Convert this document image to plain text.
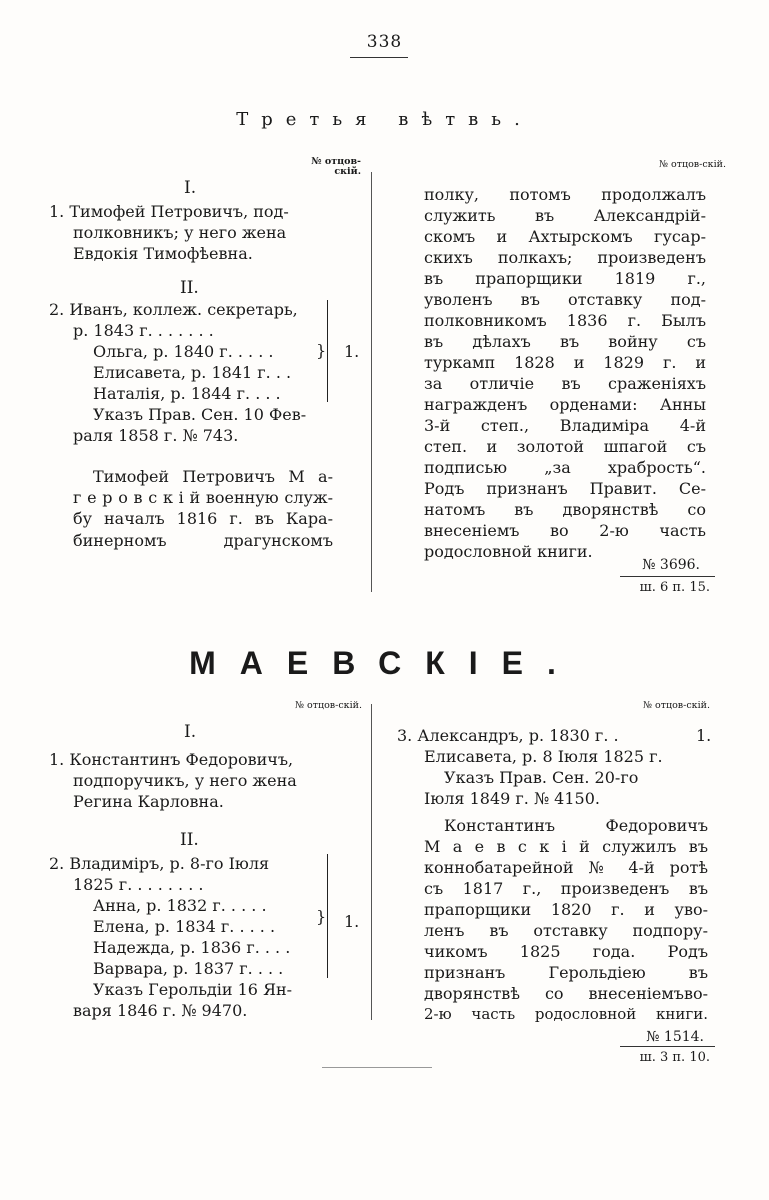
338
Третья вѣтвь.
№ отцов-скій.
№ отцов-скій.
I.
1. Тимофей Петровичъ, под-
полковникъ; у него жена
Евдокія Тимофѣевна.
II.
2. Иванъ, коллеж. секретарь,
р. 1843 г. . . . . . .
Ольга, р. 1840 г. . . . .
Елисавета, р. 1841 г. . .
Наталія, р. 1844 г. . . .
} 1.
Указъ Прав. Сен. 10 Фев-
раля 1858 г. № 743.
Тимофей Петровичъ М а-
г е р о в с к і й военную служ-
бу началъ 1816 г. въ Кара-
бинерномъ драгунскомъ
полку, потомъ продолжалъ
служить въ Александрій-
скомъ и Ахтырскомъ гусар-
скихъ полкахъ; произведенъ
въ прапорщики 1819 г.,
уволенъ въ отставку под-
полковникомъ 1836 г. Былъ
въ дѣлахъ въ войну съ
туркамп 1828 и 1829 г. и
за отличіе въ сраженіяхъ
награжденъ орденами: Анны
3-й степ., Владиміра 4-й
степ. и золотой шпагой съ
подписью „за храбрость“.
Родъ признанъ Правит. Се-
натомъ въ дворянствѣ со
внесеніемъ во 2-ю часть
родословной книги.
№ 3696.
ш. 6 п. 15.
МАЕВСКІЕ.
№ отцов-скій.	№ отцов-скій.
I.
1. Константинъ Федоровичъ,
подпоручикъ, у него жена
Регина Карловна.
II.
2. Владиміръ, р. 8-го Іюля
1825 г. . . . . . . .
Анна, р. 1832 г. . . . .
Елена, р. 1834 г. . . . .
Надежда, р. 1836 г. . . .
Варвара, р. 1837 г. . . .
} 1.
Указъ Герольдіи 16 Ян-
варя 1846 г. № 9470.
3. Александръ, р. 1830 г. .	1.
Елисавета, р. 8 Іюля 1825 г.
Указъ Прав. Сен. 20-го
Іюля 1849 г. № 4150.
Константинъ Федоровичъ
М а е в с к і й служилъ въ
коннобатарейной № 4-й ротѣ
съ 1817 г., произведенъ въ
прапорщики 1820 г. и уво-
ленъ въ отставку подпору-
чикомъ 1825 года. Родъ
признанъ Герольдіею въ
дворянствѣ со внесеніемъво-
2-ю часть родословной книги.
№ 1514.
ш. 3 п. 10.
